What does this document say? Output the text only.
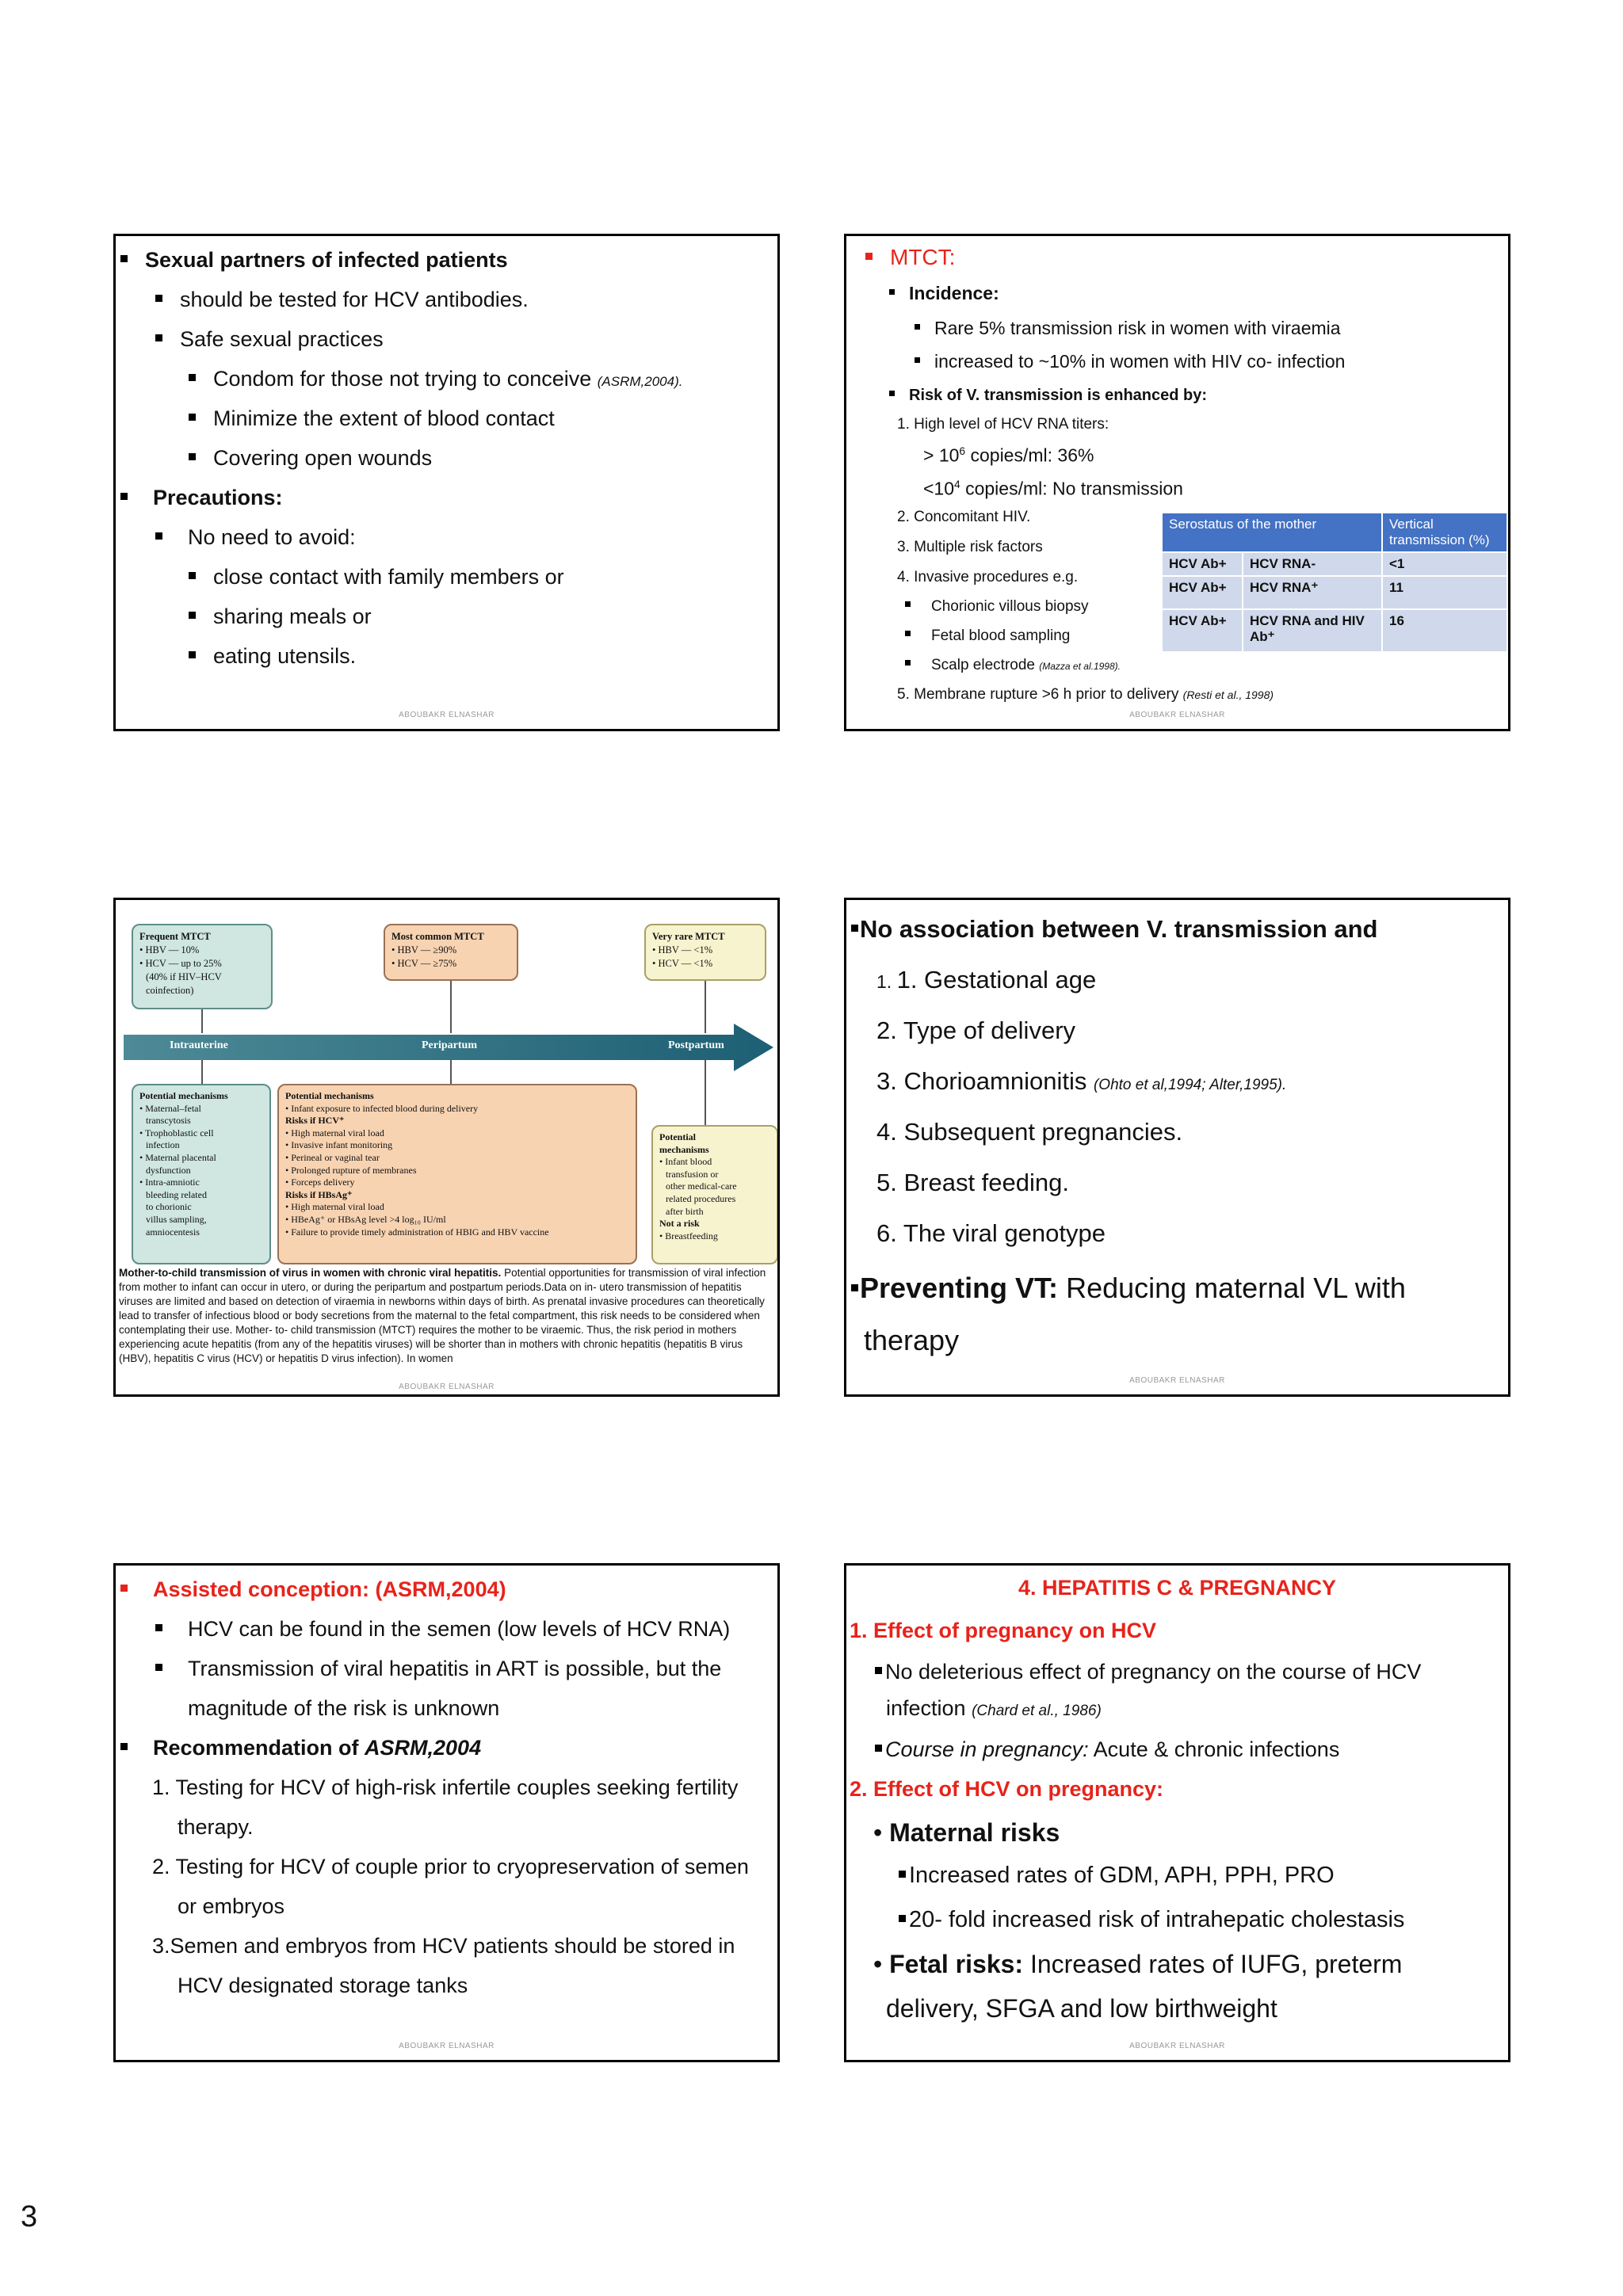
Sexual partners of infected patients
should be tested for HCV antibodies.
Safe sexual practices
Condom for those not trying to conceive (ASRM,2004).
Minimize the extent of blood contact
Covering open wounds
Precautions:
No need to avoid:
close contact with family members or
sharing meals or
eating utensils.
ABOUBAKR ELNASHAR
MTCT:
Incidence:
Rare 5% transmission risk in women with viraemia
increased to ~10% in women with HIV co- infection
Risk of V. transmission is enhanced by:
1. High level of HCV RNA titers:
> $10^6$ copies/ml: 36%
$<10^4$ copies/ml: No transmission
2. Concomitant HIV.
3. Multiple risk factors
4. Invasive procedures e.g.
Chorionic villous biopsy
Fetal blood sampling
Scalp electrode (Mazza et al.1998).
5. Membrane rupture >6 h prior to delivery (Resti et al., 1998)
Serostatus of the mother		Vertical transmission (%)
HCV Ab+	HCV RNA-	<1
HCV Ab+	HCV RNA⁺	11
HCV Ab+	HCV RNA and HIV Ab⁺	16
ABOUBAKR ELNASHAR
Frequent MTCT
• HBV — 10%
• HCV — up to 25%
(40% if HIV–HCV
coinfection)
Most common MTCT
• HBV — ≥90%
• HCV — ≥75%
Very rare MTCT
• HBV — <1%
• HCV — <1%
Intrauterine	Peripartum	Postpartum
Potential mechanisms
• Maternal–fetal
transcytosis
• Trophoblastic cell
infection
• Maternal placental
dysfunction
• Intra-amniotic
bleeding related
to chorionic
villus sampling,
amniocentesis
Potential mechanisms
• Infant exposure to infected blood during delivery
Risks if HCV⁺
• High maternal viral load
• Invasive infant monitoring
• Perineal or vaginal tear
• Prolonged rupture of membranes
• Forceps delivery
Risks if HBsAg⁺
• High maternal viral load
• HBeAg⁺ or HBsAg level >4 log₁₀ IU/ml
• Failure to provide timely administration of HBIG and HBV vaccine
Potential
mechanisms
• Infant blood
transfusion or
other medical-care
related procedures
after birth
Not a risk
• Breastfeeding
Mother-to-child transmission of virus in women with chronic viral hepatitis. Potential opportunities for transmission of viral infection from mother to infant can occur in utero, or during the peripartum and postpartum periods.Data on in- utero transmission of hepatitis viruses are limited and based on detection of viraemia in newborns within days of birth. As prenatal invasive procedures can theoretically lead to transfer of infectious blood or body secretions from the maternal to the fetal compartment, this risk needs to be considered when contemplating their use. Mother- to- child transmission (MTCT) requires the mother to be viraemic. Thus, the risk period in mothers experiencing acute hepatitis (from any of the hepatitis viruses) will be shorter than in mothers with chronic hepatitis (hepatitis B virus (HBV), hepatitis C virus (HCV) or hepatitis D virus infection). In women
ABOUBAKR ELNASHAR
No association between V. transmission and
1. 1. Gestational age
2. Type of delivery
3. Chorioamnionitis (Ohto et al,1994; Alter,1995).
4. Subsequent pregnancies.
5. Breast feeding.
6. The viral genotype
Preventing VT: Reducing maternal VL with
therapy
ABOUBAKR ELNASHAR
Assisted conception: (ASRM,2004)
HCV can be found in the semen (low levels of HCV RNA)
Transmission of viral hepatitis in ART is possible, but the
magnitude of the risk is unknown
Recommendation of ASRM,2004
1. Testing for HCV of high-risk infertile couples seeking fertility
therapy.
2. Testing for HCV of couple prior to cryopreservation of semen
or embryos
3.Semen and embryos from HCV patients should be stored in
HCV designated storage tanks
ABOUBAKR ELNASHAR
4. HEPATITIS C & PREGNANCY
1. Effect of pregnancy on HCV
No deleterious effect of pregnancy on the course of HCV
infection (Chard et al., 1986)
Course in pregnancy: Acute & chronic infections
2. Effect of HCV on pregnancy:
• Maternal risks
Increased rates of GDM, APH, PPH, PRO
20- fold increased risk of intrahepatic cholestasis
• Fetal risks: Increased rates of IUFG, preterm
delivery, SFGA and low birthweight
ABOUBAKR ELNASHAR
3
